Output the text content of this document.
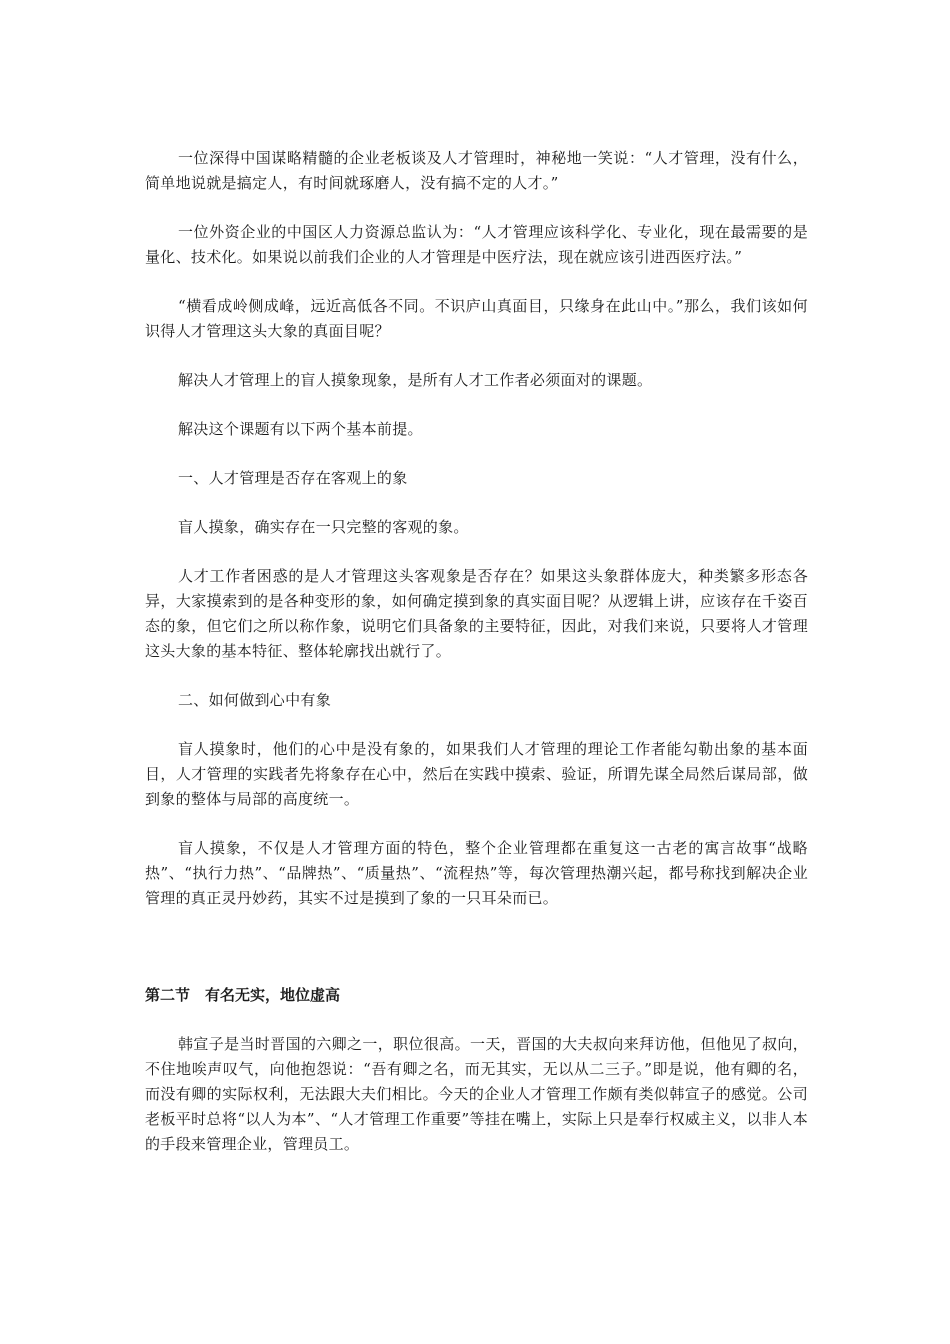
一位深得中国谋略精髓的企业老板谈及人才管理时，神秘地一笑说：“人才管理，没有什么，简单地说就是搞定人，有时间就琢磨人，没有搞不定的人才。”

一位外资企业的中国区人力资源总监认为：“人才管理应该科学化、专业化，现在最需要的是量化、技术化。如果说以前我们企业的人才管理是中医疗法，现在就应该引进西医疗法。”

“横看成岭侧成峰，远近高低各不同。不识庐山真面目，只缘身在此山中。”那么，我们该如何识得人才管理这头大象的真面目呢？

解决人才管理上的盲人摸象现象，是所有人才工作者必须面对的课题。

解决这个课题有以下两个基本前提。

一、人才管理是否存在客观上的象

盲人摸象，确实存在一只完整的客观的象。

人才工作者困惑的是人才管理这头客观象是否存在？如果这头象群体庞大，种类繁多形态各异，大家摸索到的是各种变形的象，如何确定摸到象的真实面目呢？从逻辑上讲，应该存在千姿百态的象，但它们之所以称作象，说明它们具备象的主要特征，因此，对我们来说，只要将人才管理这头大象的基本特征、整体轮廓找出就行了。

二、如何做到心中有象

盲人摸象时，他们的心中是没有象的，如果我们人才管理的理论工作者能勾勒出象的基本面目，人才管理的实践者先将象存在心中，然后在实践中摸索、验证，所谓先谋全局然后谋局部，做到象的整体与局部的高度统一。

盲人摸象，不仅是人才管理方面的特色，整个企业管理都在重复这一古老的寓言故事“战略热”、“执行力热”、“品牌热”、“质量热”、“流程热”等，每次管理热潮兴起，都号称找到解决企业管理的真正灵丹妙药，其实不过是摸到了象的一只耳朵而已。

第二节　有名无实，地位虚高

韩宣子是当时晋国的六卿之一，职位很高。一天，晋国的大夫叔向来拜访他，但他见了叔向，不住地唉声叹气，向他抱怨说：“吾有卿之名，而无其实，无以从二三子。”即是说，他有卿的名，而没有卿的实际权利，无法跟大夫们相比。今天的企业人才管理工作颇有类似韩宣子的感觉。公司老板平时总将“以人为本”、“人才管理工作重要”等挂在嘴上，实际上只是奉行权威主义，以非人本的手段来管理企业，管理员工。
